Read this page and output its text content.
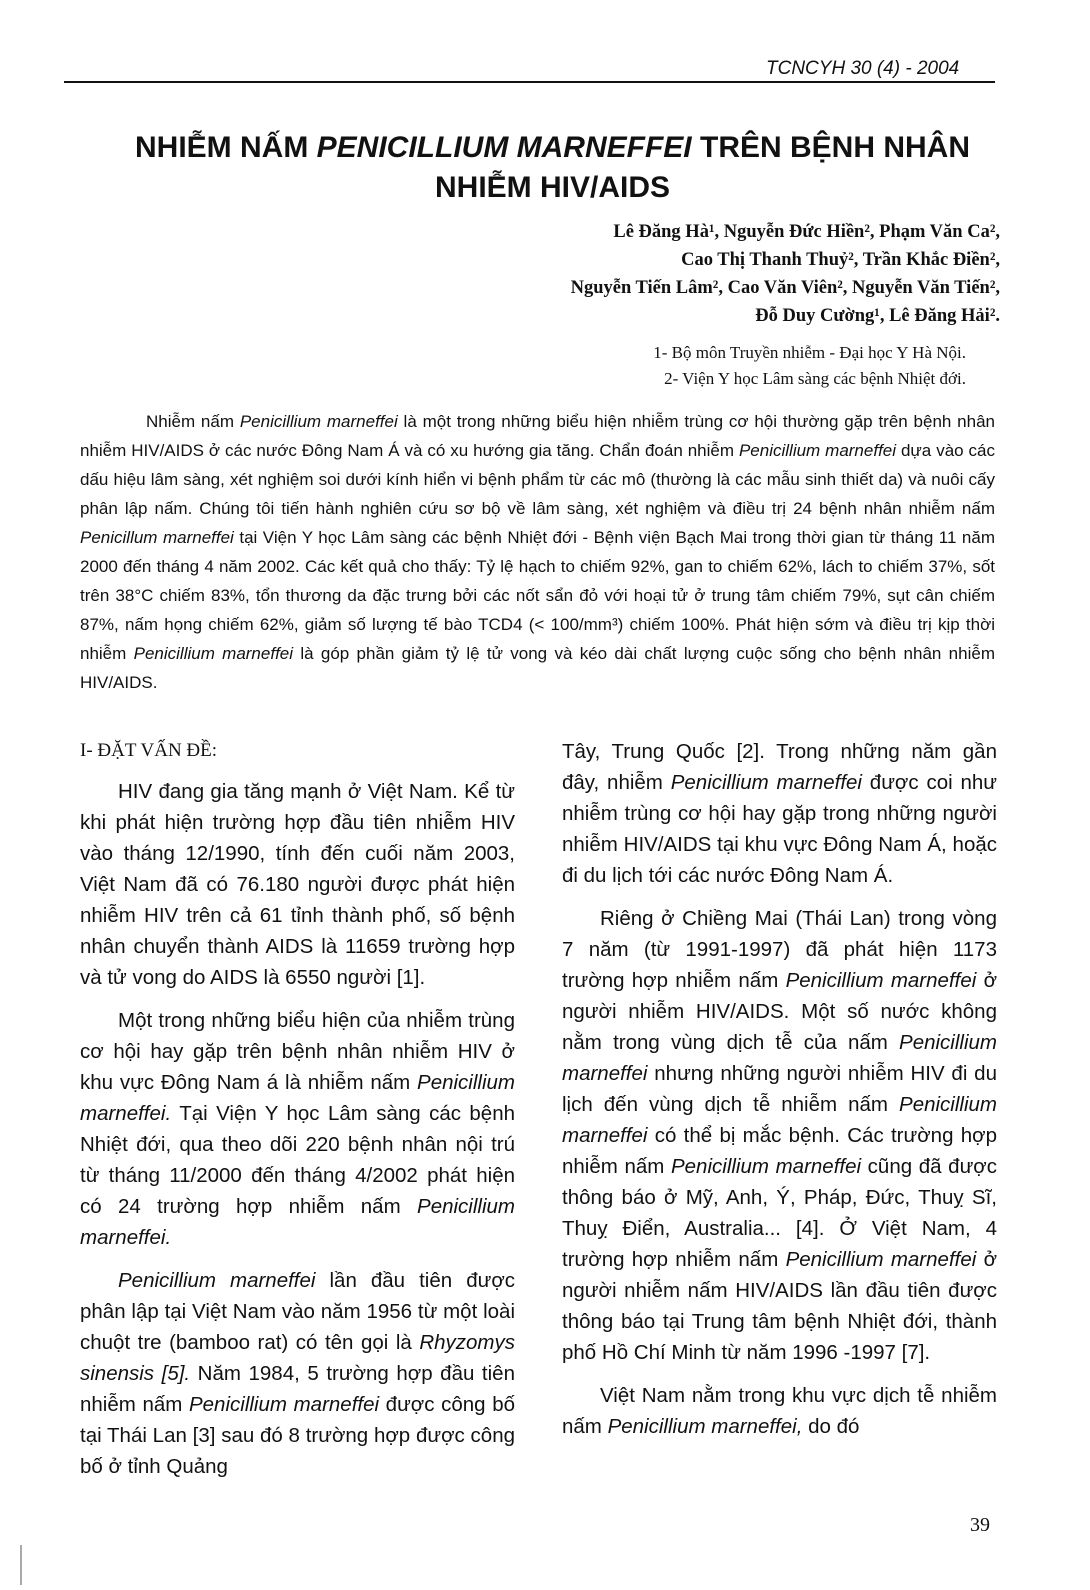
TCNCYH 30 (4) - 2004
NHIỄM NẤM PENICILLIUM MARNEFFEI TRÊN BỆNH NHÂN
NHIỄM HIV/AIDS
Lê Đăng Hà¹, Nguyễn Đức Hiền², Phạm Văn Ca²,
Cao Thị Thanh Thuỷ², Trần Khắc Điền²,
Nguyễn Tiến Lâm², Cao Văn Viên², Nguyễn Văn Tiến²,
Đỗ Duy Cường¹, Lê Đăng Hải².
1- Bộ môn Truyền nhiễm - Đại học Y Hà Nội.
2- Viện Y học Lâm sàng các bệnh Nhiệt đới.

Nhiễm nấm Penicillium marneffei là một trong những biểu hiện nhiễm trùng cơ hội thường gặp trên bệnh nhân nhiễm HIV/AIDS ở các nước Đông Nam Á và có xu hướng gia tăng. Chẩn đoán nhiễm Penicillium marneffei dựa vào các dấu hiệu lâm sàng, xét nghiệm soi dưới kính hiển vi bệnh phẩm từ các mô (thường là các mẫu sinh thiết da) và nuôi cấy phân lập nấm. Chúng tôi tiến hành nghiên cứu sơ bộ về lâm sàng, xét nghiệm và điều trị 24 bệnh nhân nhiễm nấm Penicillum marneffei tại Viện Y học Lâm sàng các bệnh Nhiệt đới - Bệnh viện Bạch Mai trong thời gian từ tháng 11 năm 2000 đến tháng 4 năm 2002. Các kết quả cho thấy: Tỷ lệ hạch to chiếm 92%, gan to chiếm 62%, lách to chiếm 37%, sốt trên 38°C chiếm 83%, tổn thương da đặc trưng bởi các nốt sẩn đỏ với hoại tử ở trung tâm chiếm 79%, sụt cân chiếm 87%, nấm họng chiếm 62%, giảm số lượng tế bào TCD4 (< 100/mm³) chiếm 100%. Phát hiện sớm và điều trị kịp thời nhiễm Penicillium marneffei là góp phần giảm tỷ lệ tử vong và kéo dài chất lượng cuộc sống cho bệnh nhân nhiễm HIV/AIDS.

I- ĐẶT VẤN ĐỀ:

HIV đang gia tăng mạnh ở Việt Nam. Kể từ khi phát hiện trường hợp đầu tiên nhiễm HIV vào tháng 12/1990, tính đến cuối năm 2003, Việt Nam đã có 76.180 người được phát hiện nhiễm HIV trên cả 61 tỉnh thành phố, số bệnh nhân chuyển thành AIDS là 11659 trường hợp và tử vong do AIDS là 6550 người [1].

Một trong những biểu hiện của nhiễm trùng cơ hội hay gặp trên bệnh nhân nhiễm HIV ở khu vực Đông Nam á là nhiễm nấm Penicillium marneffei. Tại Viện Y học Lâm sàng các bệnh Nhiệt đới, qua theo dõi 220 bệnh nhân nội trú từ tháng 11/2000 đến tháng 4/2002 phát hiện có 24 trường hợp nhiễm nấm Penicillium marneffei.

Penicillium marneffei lần đầu tiên được phân lập tại Việt Nam vào năm 1956 từ một loài chuột tre (bamboo rat) có tên gọi là Rhyzomys sinensis [5]. Năm 1984, 5 trường hợp đầu tiên nhiễm nấm Penicillium marneffei được công bố tại Thái Lan [3] sau đó 8 trường hợp được công bố ở tỉnh Quảng

Tây, Trung Quốc [2]. Trong những năm gần đây, nhiễm Penicillium marneffei được coi như nhiễm trùng cơ hội hay gặp trong những người nhiễm HIV/AIDS tại khu vực Đông Nam Á, hoặc đi du lịch tới các nước Đông Nam Á.

Riêng ở Chiềng Mai (Thái Lan) trong vòng 7 năm (từ 1991-1997) đã phát hiện 1173 trường hợp nhiễm nấm Penicillium marneffei ở người nhiễm HIV/AIDS. Một số nước không nằm trong vùng dịch tễ của nấm Penicillium marneffei nhưng những người nhiễm HIV đi du lịch đến vùng dịch tễ nhiễm nấm Penicillium marneffei có thể bị mắc bệnh. Các trường hợp nhiễm nấm Penicillium marneffei cũng đã được thông báo ở Mỹ, Anh, Ý, Pháp, Đức, Thuỵ Sĩ, Thuỵ Điển, Australia... [4]. Ở Việt Nam, 4 trường hợp nhiễm nấm Penicillium marneffei ở người nhiễm nấm HIV/AIDS lần đầu tiên được thông báo tại Trung tâm bệnh Nhiệt đới, thành phố Hồ Chí Minh từ năm 1996 -1997 [7].

Việt Nam nằm trong khu vực dịch tễ nhiễm nấm Penicillium marneffei, do đó

39
